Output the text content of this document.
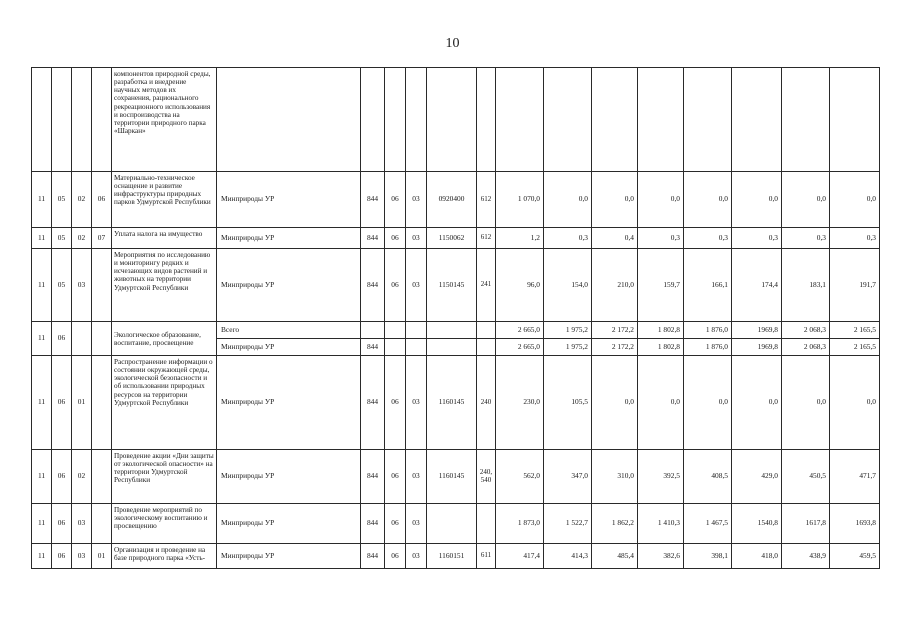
10
				компонентов природной среды, разработка и внедрение научных методов их сохранения, рационального рекреационного использования и воспроизводства на территории природного парка «Шаркан»														
11	05	02	06	Материально-техническое оснащение и развитие инфраструктуры природных парков Удмуртской Республики	Минприроды УР	844	06	03	0920400	612	1 070,0	0,0	0,0	0,0	0,0	0,0	0,0	0,0
11	05	02	07	Уплата налога на имущество	Минприроды УР	844	06	03	1150062	612	1,2	0,3	0,4	0,3	0,3	0,3	0,3	0,3
11	05	03		Мероприятия по исследованию и мониторингу редких и исчезающих видов растений и животных на территории Удмуртской Республики	Минприроды УР	844	06	03	1150145	241	96,0	154,0	210,0	159,7	166,1	174,4	183,1	191,7
11	06			Экологическое образование, воспитание, просвещение	Всего						2 665,0	1 975,2	2 172,2	1 802,8	1 876,0	1969,8	2 068,3	2 165,5
					Минприроды УР	844					2 665,0	1 975,2	2 172,2	1 802,8	1 876,0	1969,8	2 068,3	2 165,5
11	06	01		Распространение информации о состоянии окружающей среды, экологической безопасности и об использовании природных ресурсов на территории Удмуртской Республики	Минприроды УР	844	06	03	1160145	240	230,0	105,5	0,0	0,0	0,0	0,0	0,0	0,0
11	06	02		Проведение акции «Дни защиты от экологической опасности» на территории Удмуртской Республики	Минприроды УР	844	06	03	1160145	240, 540	562,0	347,0	310,0	392,5	408,5	429,0	450,5	471,7
11	06	03		Проведение мероприятий по экологическому воспитанию и просвещению	Минприроды УР	844	06	03			1 873,0	1 522,7	1 862,2	1 410,3	1 467,5	1540,8	1617,8	1693,8
11	06	03	01	Организация и проведение на базе природного парка «Усть-	Минприроды УР	844	06	03	1160151	611	417,4	414,3	485,4	382,6	398,1	418,0	438,9	459,5
